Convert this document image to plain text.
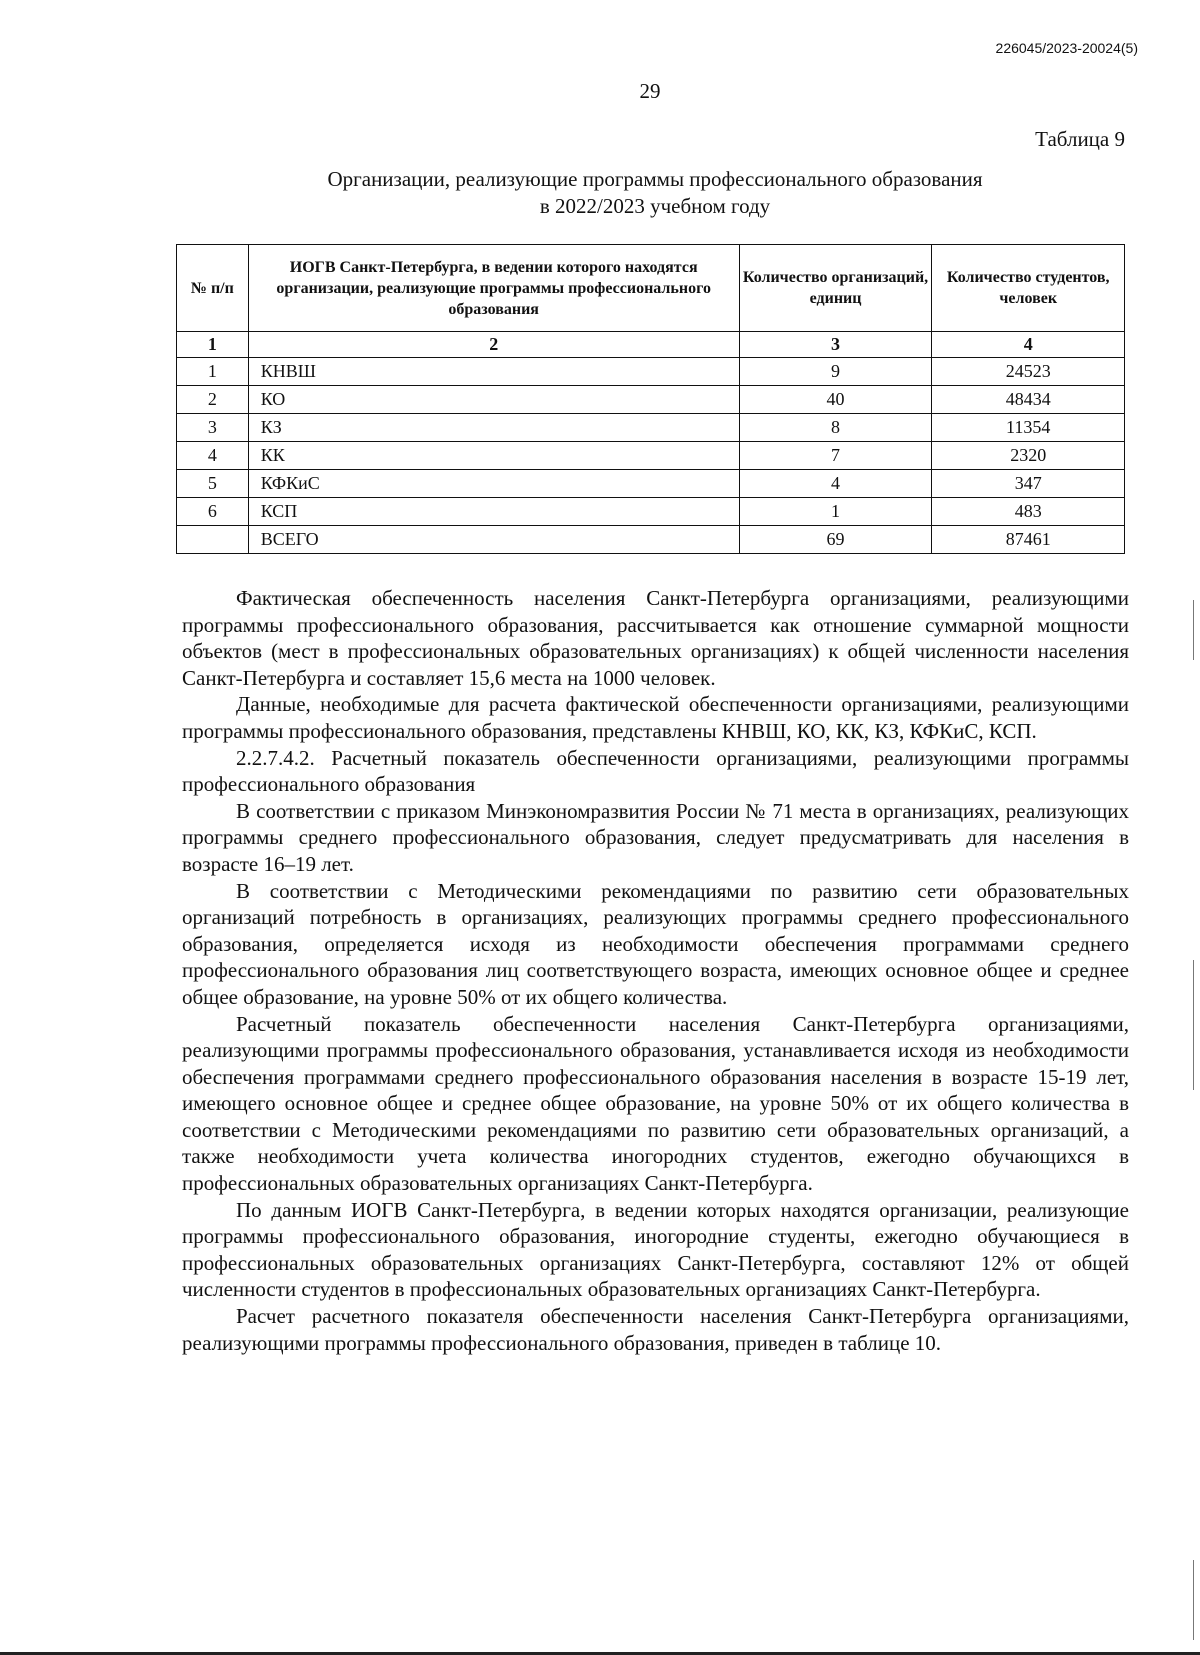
226045/2023-20024(5)
29
Таблица 9
Организации, реализующие программы профессионального образования
в 2022/2023 учебном году
№ п/п	ИОГВ Санкт-Петербурга, в ведении которого находятся организации, реализующие программы профессионального образования	Количество организаций, единиц	Количество студентов, человек
1	2	3	4
1	КНВШ	9	24523
2	КО	40	48434
3	КЗ	8	11354
4	КК	7	2320
5	КФКиС	4	347
6	КСП	1	483
	ВСЕГО	69	87461

Фактическая обеспеченность населения Санкт-Петербурга организациями, реализующими программы профессионального образования, рассчитывается как отношение суммарной мощности объектов (мест в профессиональных образовательных организациях) к общей численности населения Санкт-Петербурга и составляет 15,6 места на 1000 человек.

Данные, необходимые для расчета фактической обеспеченности организациями, реализующими программы профессионального образования, представлены КНВШ, КО, КК, КЗ, КФКиС, КСП.

2.2.7.4.2. Расчетный показатель обеспеченности организациями, реализующими программы профессионального образования

В соответствии с приказом Минэкономразвития России № 71 места в организациях, реализующих программы среднего профессионального образования, следует предусматривать для населения в возрасте 16–19 лет.

В соответствии с Методическими рекомендациями по развитию сети образовательных организаций потребность в организациях, реализующих программы среднего профессионального образования, определяется исходя из необходимости обеспечения программами среднего профессионального образования лиц соответствующего возраста, имеющих основное общее и среднее общее образование, на уровне 50% от их общего количества.

Расчетный показатель обеспеченности населения Санкт-Петербурга организациями, реализующими программы профессионального образования, устанавливается исходя из необходимости обеспечения программами среднего профессионального образования населения в возрасте 15-19 лет, имеющего основное общее и среднее общее образование, на уровне 50% от их общего количества в соответствии с Методическими рекомендациями по развитию сети образовательных организаций, а также необходимости учета количества иногородних студентов, ежегодно обучающихся в профессиональных образовательных организациях Санкт-Петербурга.

По данным ИОГВ Санкт-Петербурга, в ведении которых находятся организации, реализующие программы профессионального образования, иногородние студенты, ежегодно обучающиеся в профессиональных образовательных организациях Санкт-Петербурга, составляют 12% от общей численности студентов в профессиональных образовательных организациях Санкт-Петербурга.

Расчет расчетного показателя обеспеченности населения Санкт-Петербурга организациями, реализующими программы профессионального образования, приведен в таблице 10.
